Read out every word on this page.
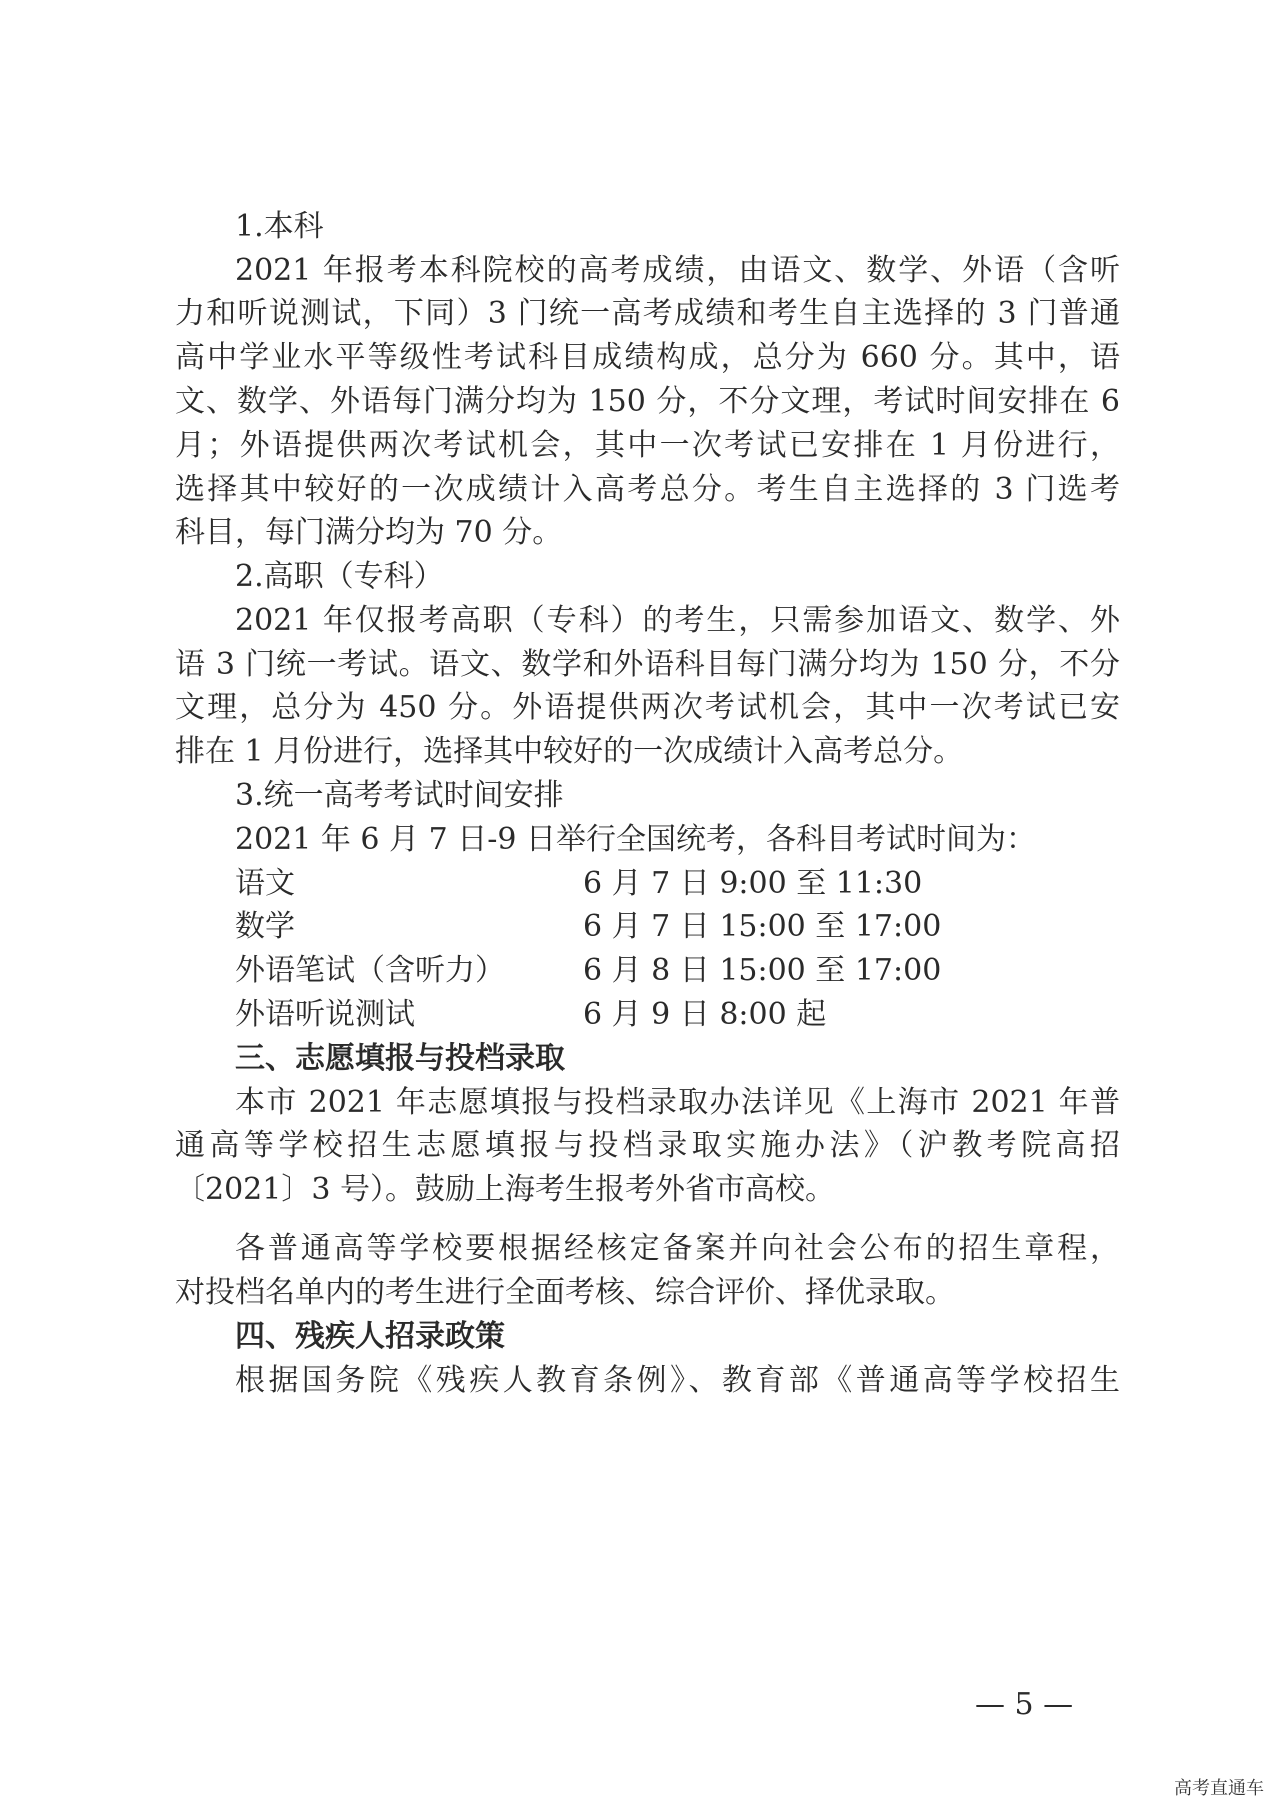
1.本科
2021 年报考本科院校的高考成绩，由语文、数学、外语（含听
力和听说测试，下同）3 门统一高考成绩和考生自主选择的 3 门普通
高中学业水平等级性考试科目成绩构成，总分为 660 分。其中，语
文、数学、外语每门满分均为 150 分，不分文理，考试时间安排在 6
月；外语提供两次考试机会，其中一次考试已安排在 1 月份进行，
选择其中较好的一次成绩计入高考总分。考生自主选择的 3 门选考
科目，每门满分均为 70 分。
2.高职（专科）
2021 年仅报考高职（专科）的考生，只需参加语文、数学、外
语 3 门统一考试。语文、数学和外语科目每门满分均为 150 分，不分
文理，总分为 450 分。外语提供两次考试机会，其中一次考试已安
排在 1 月份进行，选择其中较好的一次成绩计入高考总分。
3.统一高考考试时间安排
2021 年 6 月 7 日-9 日举行全国统考，各科目考试时间为：
语文	6 月 7 日 9:00 至 11:30
数学	6 月 7 日 15:00 至 17:00
外语笔试（含听力）	6 月 8 日 15:00 至 17:00
外语听说测试	6 月 9 日 8:00 起
三、志愿填报与投档录取
本市 2021 年志愿填报与投档录取办法详见《上海市 2021 年普
通高等学校招生志愿填报与投档录取实施办法》（沪教考院高招
〔2021〕3 号）。鼓励上海考生报考外省市高校。
各普通高等学校要根据经核定备案并向社会公布的招生章程，
对投档名单内的考生进行全面考核、综合评价、择优录取。
四、残疾人招录政策
根据国务院《残疾人教育条例》、教育部《普通高等学校招生
— 5 —
高考直通车
